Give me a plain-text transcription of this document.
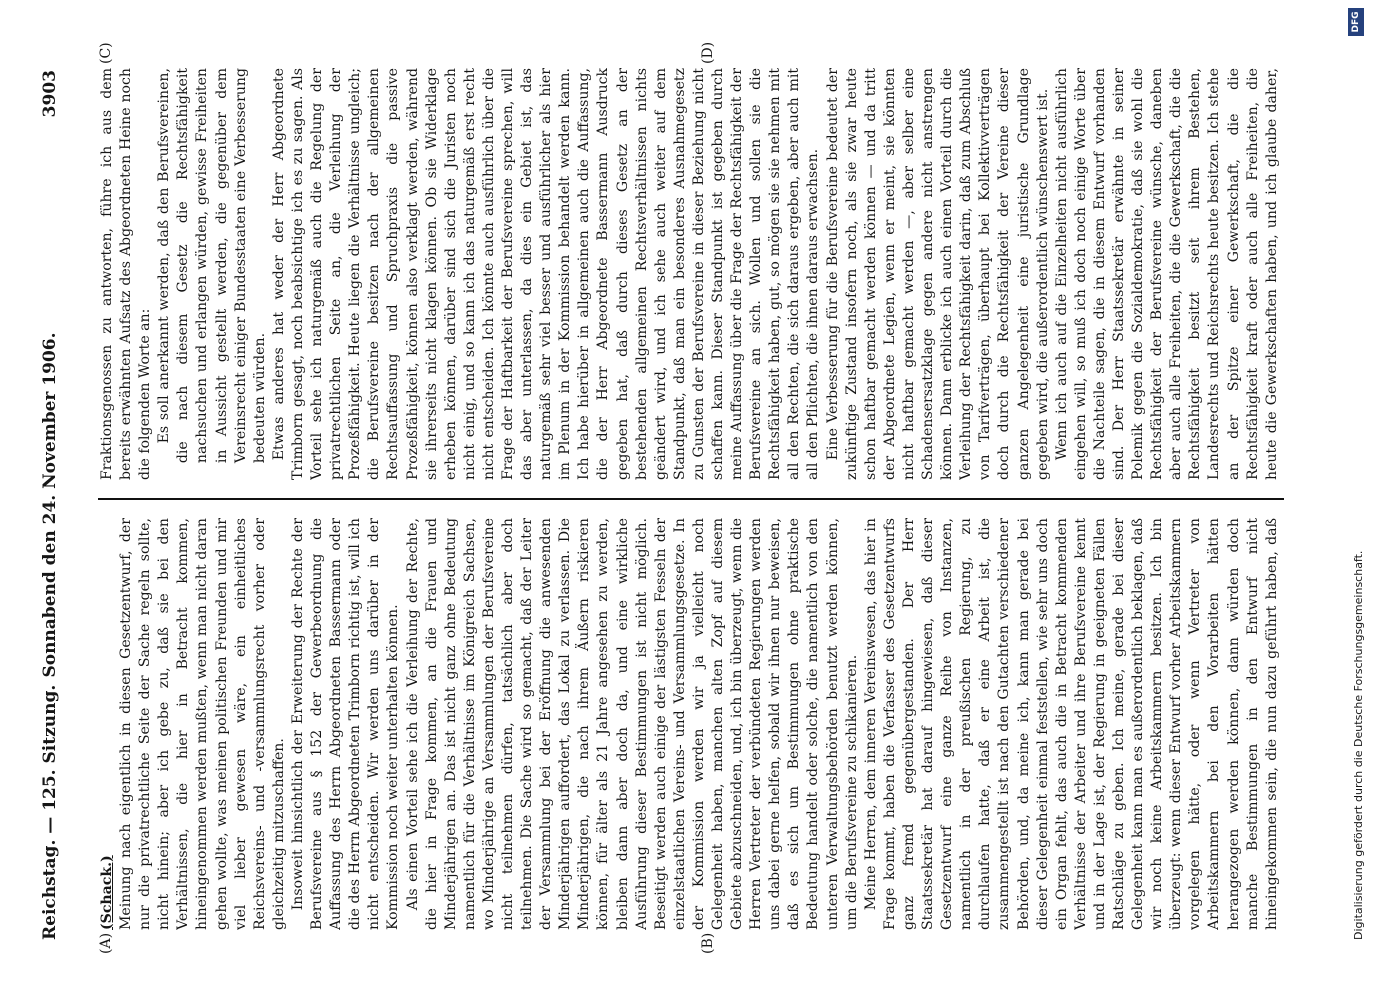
Reichstag. — 125. Sitzung.
Sonnabend den 24. November 1906.
3903
(A)	(B)
(C)	(D)

(Schack.) Meinung nach eigentlich in diesen Gesetzentwurf, der nur die privatrechtliche Seite der Sache regeln sollte, nicht hinein; aber ich gebe zu, daß sie bei den Verhältnissen, die hier in Betracht kommen, hineingenommen werden mußten, wenn man nicht daran gehen wollte, was meinen politischen Freunden und mir viel lieber gewesen wäre, ein einheitliches Reichsvereins- und -versammlungsrecht vorher oder gleichzeitig mitzuschaffen. Insoweit hinsichtlich der Erweiterung der Rechte der Berufsvereine aus § 152 der Gewerbeordnung die Auffassung des Herrn Abgeordneten Bassermann oder die des Herrn Abgeordneten Trimborn richtig ist, will ich nicht entscheiden. Wir werden uns darüber in der Kommission noch weiter unterhalten können. Als einen Vorteil sehe ich die Verleihung der Rechte, die hier in Frage kommen, an die Frauen und Minderjährigen an. Das ist nicht ganz ohne Bedeutung namentlich für die Verhältnisse im Königreich Sachsen, wo Minderjährige an Versammlungen der Berufsvereine nicht teilnehmen dürfen, tatsächlich aber doch teilnehmen. Die Sache wird so gemacht, daß der Leiter der Versammlung bei der Eröffnung die anwesenden Minderjährigen auffordert, das Lokal zu verlassen. Die Minderjährigen, die nach ihrem Äußern riskieren können, für älter als 21 Jahre angesehen zu werden, bleiben dann aber doch da, und eine wirkliche Ausführung dieser Bestimmungen ist nicht möglich. Beseitigt werden auch einige der lästigsten Fesseln der einzelstaatlichen Vereins- und Versammlungsgesetze. In der Kommission werden wir ja vielleicht noch Gelegenheit haben, manchen alten Zopf auf diesem Gebiete abzuschneiden, und, ich bin überzeugt, wenn die Herren Vertreter der verbündeten Regierungen werden uns dabei gerne helfen, sobald wir ihnen nur beweisen, daß es sich um Bestimmungen ohne praktische Bedeutung handelt oder solche, die namentlich von den unteren Verwaltungsbehörden benutzt werden können, um die Berufsvereine zu schikanieren. Meine Herren, dem inneren Vereinswesen, das hier in Frage kommt, haben die Verfasser des Gesetzentwurfs ganz fremd gegenübergestanden. Der Herr Staatssekretär hat darauf hingewiesen, daß dieser Gesetzentwurf eine ganze Reihe von Instanzen, namentlich in der preußischen Regierung, zu durchlaufen hatte, daß er eine Arbeit ist, die zusammengestellt ist nach den Gutachten verschiedener Behörden, und, da meine ich, kann man gerade bei dieser Gelegenheit einmal feststellen, wie sehr uns doch ein Organ fehlt, das auch die in Betracht kommenden Verhältnisse der Arbeiter und ihre Berufsvereine kennt und in der Lage ist, der Regierung in geeigneten Fällen Ratschläge zu geben. Ich meine, gerade bei dieser Gelegenheit kann man es außerordentlich beklagen, daß wir noch keine Arbeitskammern besitzen. Ich bin überzeugt: wenn dieser Entwurf vorher Arbeitskammern vorgelegen hätte, oder wenn Vertreter von Arbeitskammern bei den Vorarbeiten hätten herangezogen werden können, dann würden doch manche Bestimmungen in den Entwurf nicht hineingekommen sein, die nun dazu geführt haben, daß

Fraktionsgenossen zu antworten, führe ich aus dem bereits erwähnten Aufsatz des Abgeordneten Heine noch die folgenden Worte an: Es soll anerkannt werden, daß den Berufsvereinen, die nach diesem Gesetz die Rechtsfähigkeit nachsuchen und erlangen würden, gewisse Freiheiten in Aussicht gestellt werden, die gegenüber dem Vereinsrecht einiger Bundesstaaten eine Verbesserung bedeuten würden. Etwas anderes hat weder der Herr Abgeordnete Trimborn gesagt, noch beabsichtige ich es zu sagen. Als Vorteil sehe ich naturgemäß auch die Regelung der privatrechtlichen Seite an, die Verleihung der Prozeßfähigkeit. Heute liegen die Verhältnisse ungleich; die Berufsvereine besitzen nach der allgemeinen Rechtsauffassung und Spruchpraxis die passive Prozeßfähigkeit, können also verklagt werden, während sie ihrerseits nicht klagen können. Ob sie Widerklage erheben können, darüber sind sich die Juristen noch nicht einig, und so kann ich das naturgemäß erst recht nicht entscheiden. Ich könnte auch ausführlich über die Frage der Haftbarkeit der Berufsvereine sprechen, will das aber unterlassen, da dies ein Gebiet ist, das naturgemäß sehr viel besser und ausführlicher als hier im Plenum in der Kommission behandelt werden kann. Ich habe hierüber in allgemeinen auch die Auffassung, die der Herr Abgeordnete Bassermann Ausdruck gegeben hat, daß durch dieses Gesetz an der bestehenden allgemeinen Rechtsverhältnissen nichts geändert wird, und ich sehe auch weiter auf dem Standpunkt, daß man ein besonderes Ausnahmegesetz zu Gunsten der Berufsvereine in dieser Beziehung nicht schaffen kann. Dieser Standpunkt ist gegeben durch meine Auffassung über die Frage der Rechtsfähigkeit der Berufsvereine an sich. Wollen und sollen sie die Rechtsfähigkeit haben, gut, so mögen sie sie nehmen mit all den Rechten, die sich daraus ergeben, aber auch mit all den Pflichten, die ihnen daraus erwachsen. Eine Verbesserung für die Berufsvereine bedeutet der zukünftige Zustand insofern noch, als sie zwar heute schon haftbar gemacht werden können — und da tritt der Abgeordnete Legien, wenn er meint, sie könnten nicht haftbar gemacht werden —, aber selber eine Schadensersatzklage gegen andere nicht anstrengen können. Dann erblicke ich auch einen Vorteil durch die Verleihung der Rechtsfähigkeit darin, daß zum Abschluß von Tarifverträgen, überhaupt bei Kollektivverträgen doch durch die Rechtsfähigkeit der Vereine dieser ganzen Angelegenheit eine juristische Grundlage gegeben wird, die außerordentlich wünschenswert ist. Wenn ich auch auf die Einzelheiten nicht ausführlich eingehen will, so muß ich doch noch einige Worte über die Nachteile sagen, die in diesem Entwurf vorhanden sind. Der Herr Staatssekretär erwähnte in seiner Polemik gegen die Sozialdemokratie, daß sie wohl die Rechtsfähigkeit der Berufsvereine wünsche, daneben aber auch alle Freiheiten, die die Gewerkschaft, die die Rechtsfähigkeit besitzt seit ihrem Bestehen, Landesrechts und Reichsrechts heute besitzen. Ich stehe an der Spitze einer Gewerkschaft, die die Rechtsfähigkeit kraft oder auch alle Freiheiten, die heute die Gewerkschaften haben, und ich glaube daher,

Digitalisierung gefördert durch die Deutsche Forschungsgemeinschaft.
DFG
